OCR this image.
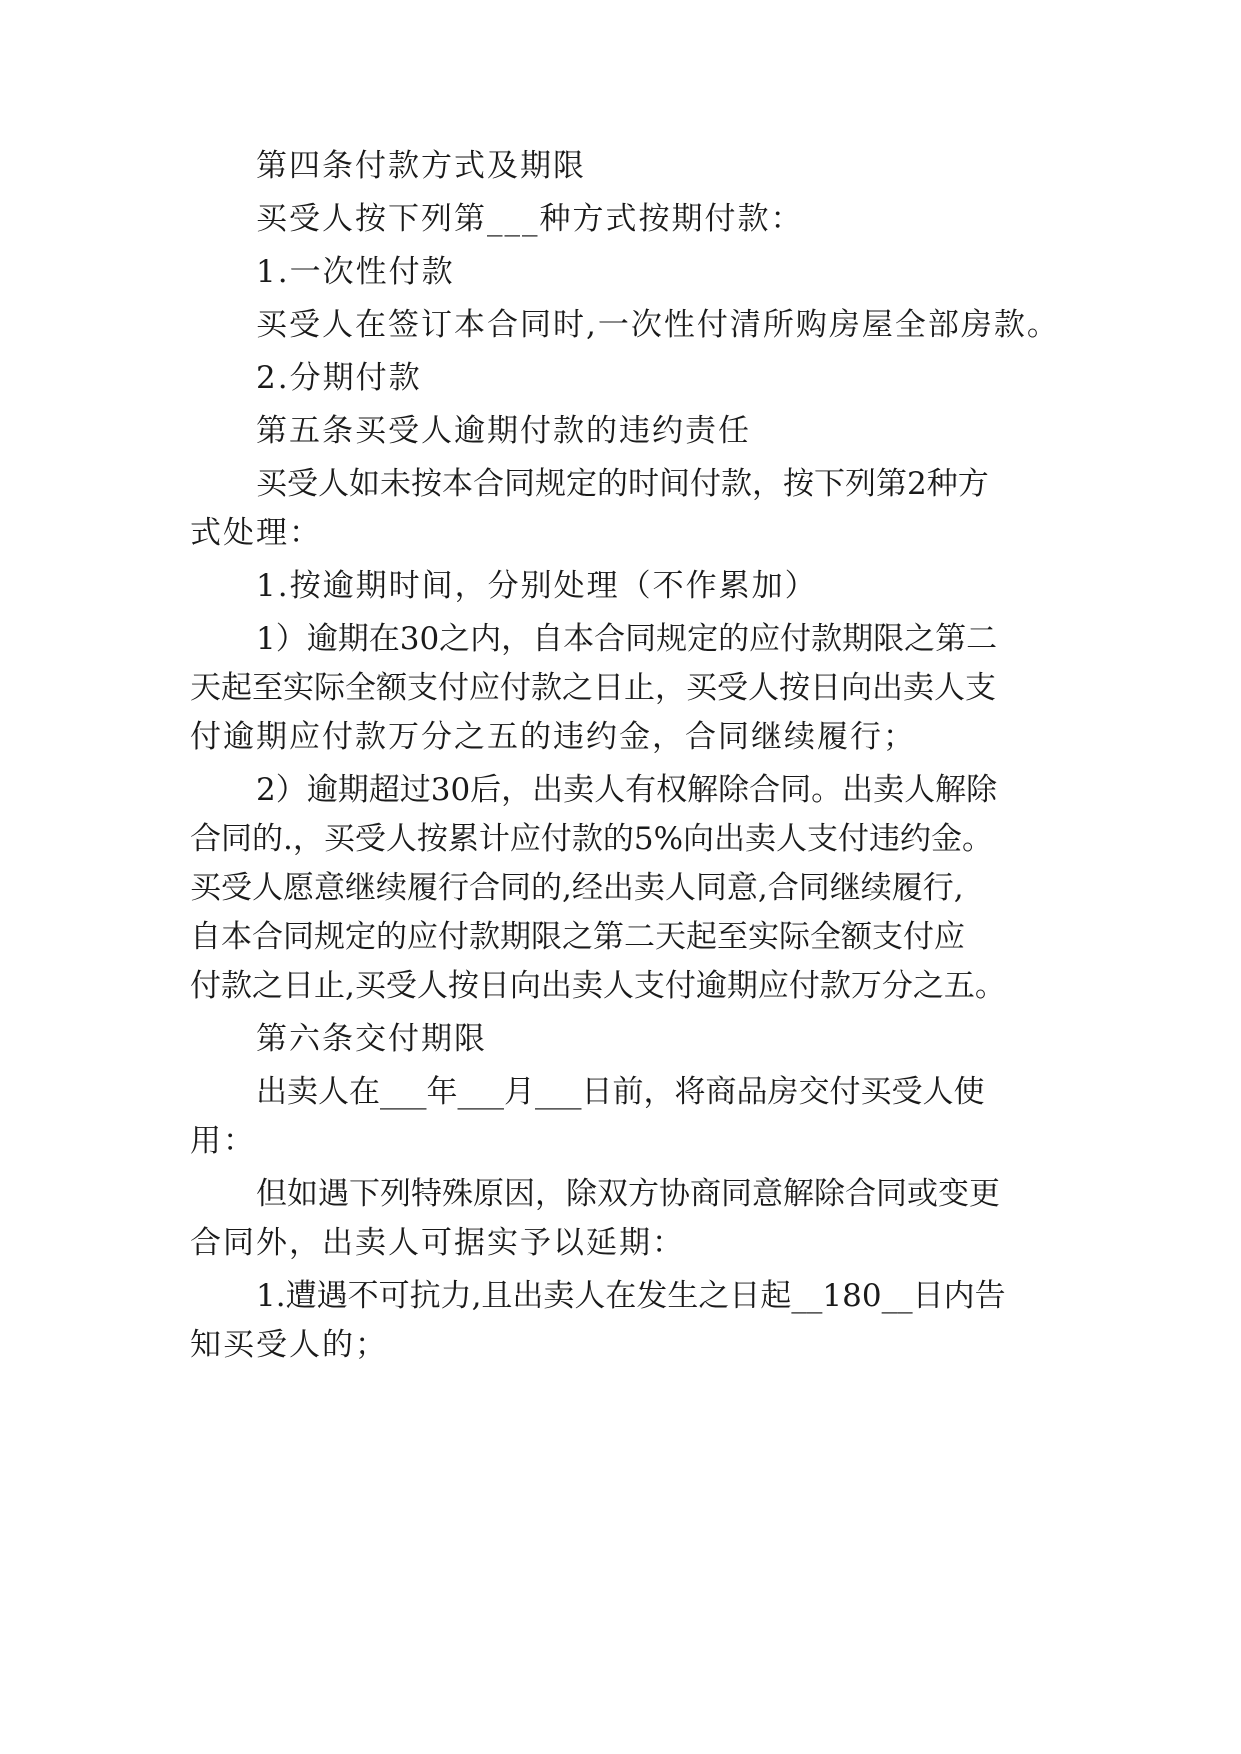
第四条付款方式及期限
买受人按下列第___种方式按期付款：
1.一次性付款
买受人在签订本合同时,一次性付清所购房屋全部房款。
2.分期付款
第五条买受人逾期付款的违约责任
买受人如未按本合同规定的时间付款，按下列第2种方
式处理：
1.按逾期时间，分别处理（不作累加）
1）逾期在30之内，自本合同规定的应付款期限之第二
天起至实际全额支付应付款之日止，买受人按日向出卖人支
付逾期应付款万分之五的违约金，合同继续履行；
2）逾期超过30后，出卖人有权解除合同。出卖人解除
合同的.，买受人按累计应付款的5%向出卖人支付违约金。
买受人愿意继续履行合同的,经出卖人同意,合同继续履行,
自本合同规定的应付款期限之第二天起至实际全额支付应
付款之日止,买受人按日向出卖人支付逾期应付款万分之五。
第六条交付期限
出卖人在___年___月___日前，将商品房交付买受人使
用：
但如遇下列特殊原因，除双方协商同意解除合同或变更
合同外，出卖人可据实予以延期：
1.遭遇不可抗力,且出卖人在发生之日起__180__日内告
知买受人的；
